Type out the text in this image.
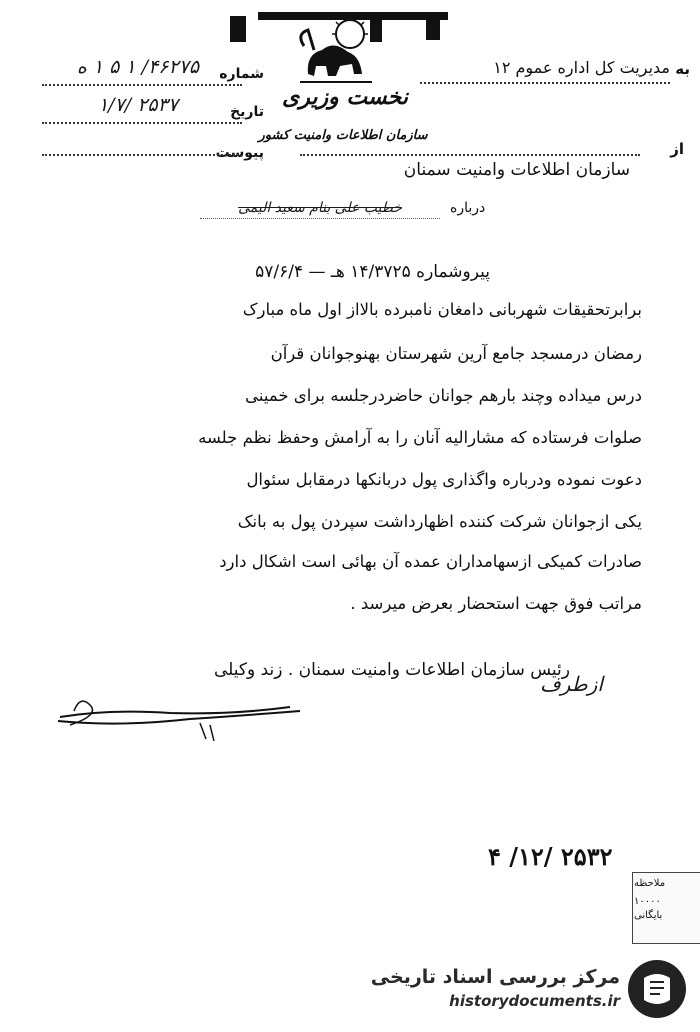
نخست وزیری
سازمان اطلاعات وامنیت کشور
به
مدیریت کل اداره عموم ۱۲
از
سازمان اطلاعات وامنیت سمنان
شماره
۴۶۲۷۵/ ۱ ۵ ۱ ه
تاریخ
۱/۷/ ۲۵۳۷
پیوست
درباره
خطیب علی بنام سعید الیمی
پیروشماره ۱۴/۳۷۲۵ هـ — ۵۷/۶/۴
برابرتحقیقات شهربانی دامغان نامبرده بالااز اول ماه مبارک
رمضان درمسجد جامع آرین شهرستان بهنوجوانان قرآن
درس میداده وچند بارهم جوانان حاضردرجلسه برای خمینی
صلوات فرستاده که مشارالیه آنان را به آرامش وحفظ نظم جلسه
دعوت نموده ودرباره واگذاری پول دربانکها درمقابل سئوال
یکی ازجوانان شرکت کننده اظهارداشت سپردن پول به بانک
صادرات کمیکی ازسهامداران عمده آن بهائی است اشکال دارد
مراتب فوق جهت استحضار بعرض میرسد .
رئیس سازمان اطلاعات وامنیت سمنان . زند وکیلی
ازطرف
۴ /۱۲/ ۲۵۳۲
ملاحظه
۱۰۰۰۰
بایگانی
مرکز بررسی اسناد تاریخی
historydocuments.ir
